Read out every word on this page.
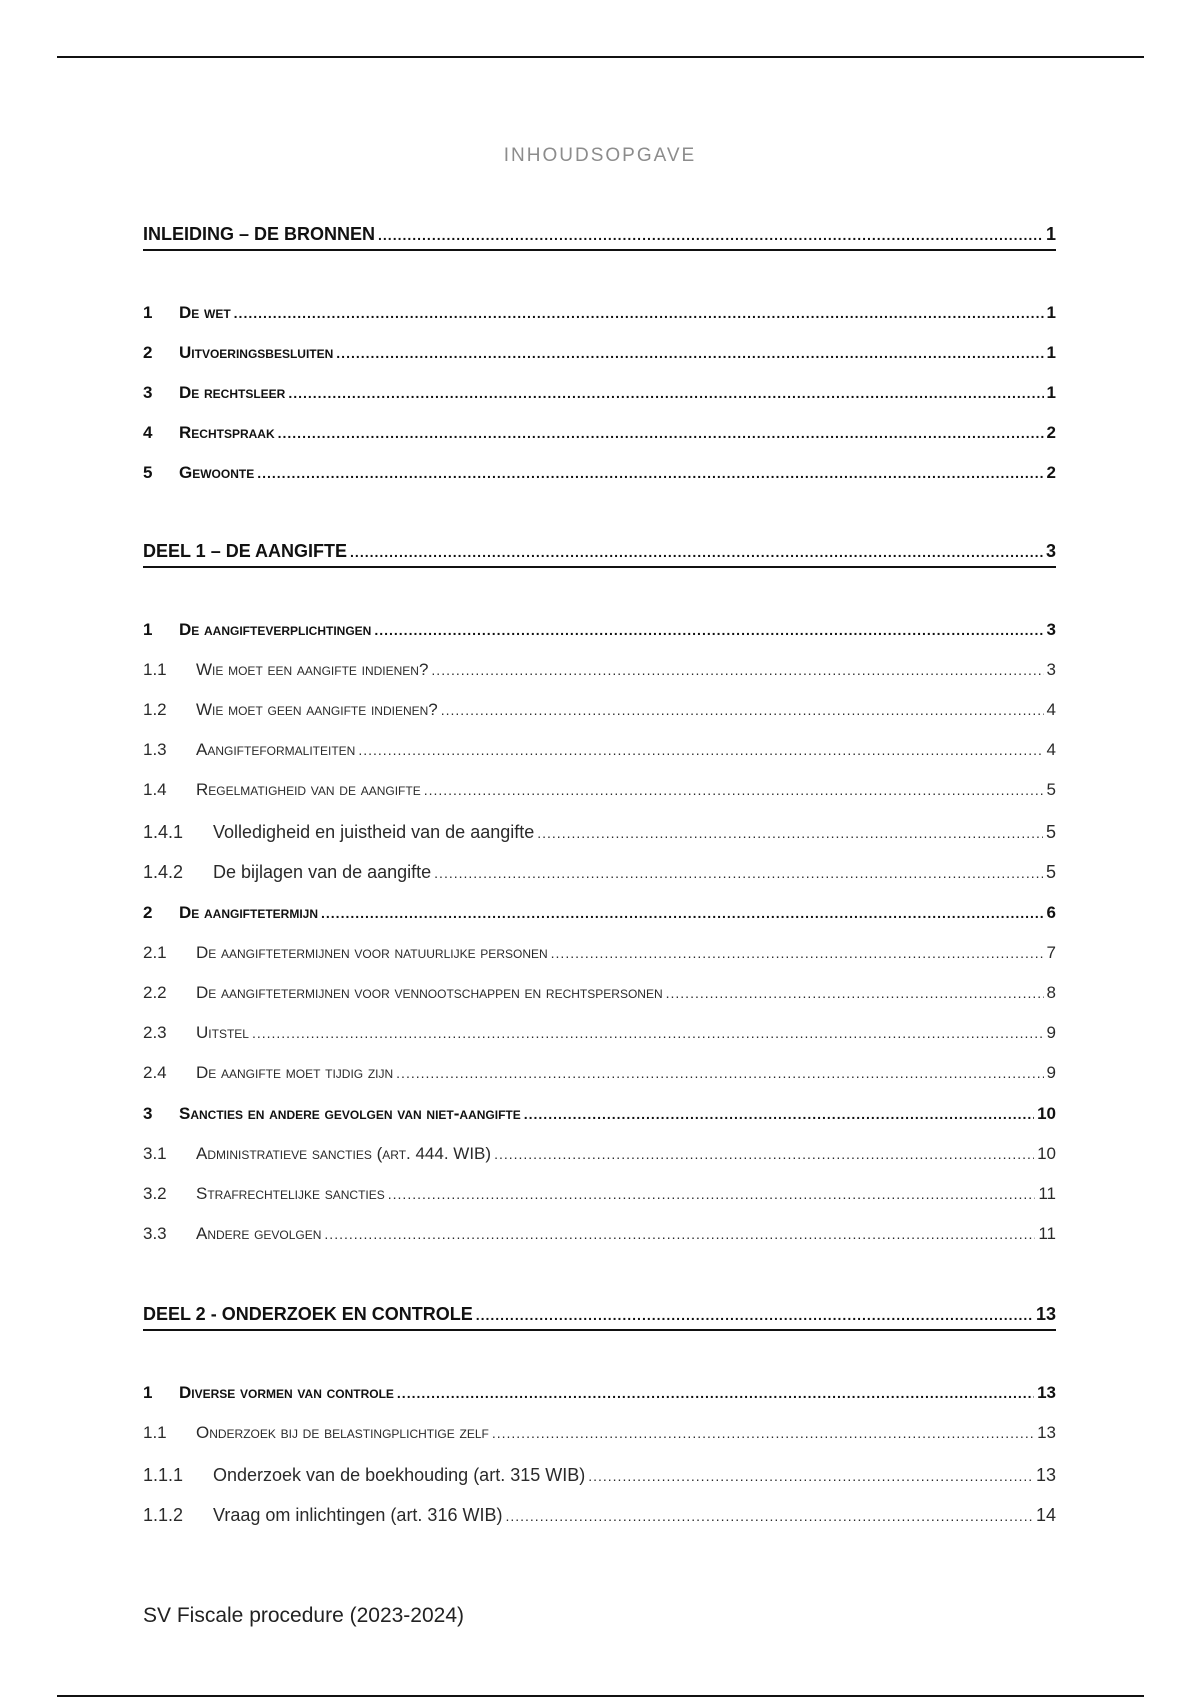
INHOUDSOPGAVE
INLEIDING – DE BRONNEN .....	1
1	De wet .....	1
2	Uitvoeringsbesluiten .....	1
3	De rechtsleer .....	1
4	Rechtspraak .....	2
5	Gewoonte .....	2
DEEL 1 – DE AANGIFTE .....	3
1	De aangifteverplichtingen .....	3
1.1	Wie moet een aangifte indienen? .....	3
1.2	Wie moet geen aangifte indienen? .....	4
1.3	Aangifteformaliteiten .....	4
1.4	Regelmatigheid van de aangifte .....	5
1.4.1	Volledigheid en juistheid van de aangifte .....	5
1.4.2	De bijlagen van de aangifte .....	5
2	De aangiftetermijn .....	6
2.1	De aangiftetermijnen voor natuurlijke personen .....	7
2.2	De aangiftetermijnen voor vennootschappen en rechtspersonen .....	8
2.3	Uitstel .....	9
2.4	De aangifte moet tijdig zijn .....	9
3	Sancties en andere gevolgen van niet-aangifte .....	10
3.1	Administratieve sancties (art. 444. WIB) .....	10
3.2	Strafrechtelijke sancties .....	11
3.3	Andere gevolgen .....	11
DEEL 2 - ONDERZOEK EN CONTROLE .....	13
1	Diverse vormen van controle .....	13
1.1	Onderzoek bij de belastingplichtige zelf .....	13
1.1.1	Onderzoek van de boekhouding (art. 315 WIB) .....	13
1.1.2	Vraag om inlichtingen (art. 316 WIB) .....	14
SV Fiscale procedure (2023-2024)
